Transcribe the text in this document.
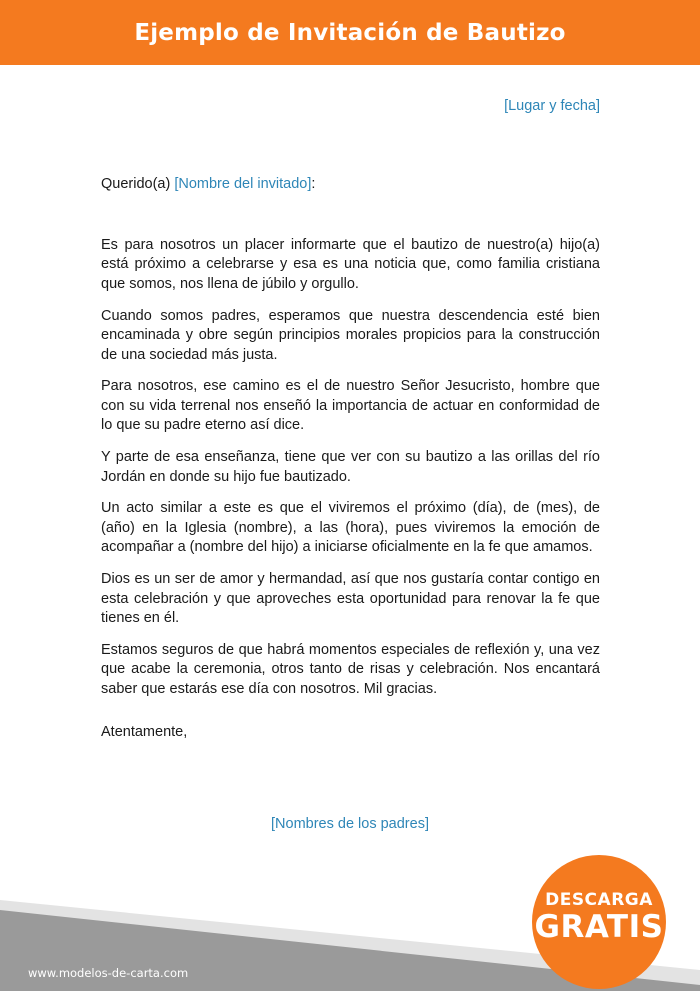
Ejemplo de Invitación de Bautizo
[Lugar y fecha]
Querido(a) [Nombre del invitado]:

Es para nosotros un placer informarte que el bautizo de nuestro(a) hijo(a) está próximo a celebrarse y esa es una noticia que, como familia cristiana que somos, nos llena de júbilo y orgullo.

Cuando somos padres, esperamos que nuestra descendencia esté bien encaminada y obre según principios morales propicios para la construcción de una sociedad más justa.

Para nosotros, ese camino es el de nuestro Señor Jesucristo, hombre que con su vida terrenal nos enseñó la importancia de actuar en conformidad de lo que su padre eterno así dice.

Y parte de esa enseñanza, tiene que ver con su bautizo a las orillas del río Jordán en donde su hijo fue bautizado.

Un acto similar a este es que el viviremos el próximo (día), de (mes), de (año) en la Iglesia (nombre), a las (hora), pues viviremos la emoción de acompañar a (nombre del hijo) a iniciarse oficialmente en la fe que amamos.

Dios es un ser de amor y hermandad, así que nos gustaría contar contigo en esta celebración y que aproveches esta oportunidad para renovar la fe que tienes en él.

Estamos seguros de que habrá momentos especiales de reflexión y, una vez que acabe la ceremonia, otros tanto de risas y celebración. Nos encantará saber que estarás ese día con nosotros. Mil gracias.

Atentamente,
[Nombres de los padres]
www.modelos-de-carta.com
DESCARGA
GRATIS
